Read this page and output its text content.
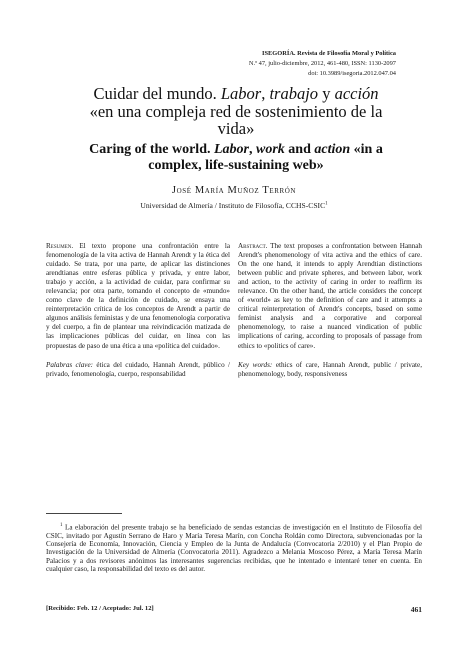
ISEGORÍA. Revista de Filosofía Moral y Política
N.º 47, julio-diciembre, 2012, 461-480, ISSN: 1130-2097
doi: 10.3989/isegoria.2012.047.04
Cuidar del mundo. Labor, trabajo y acción «en una compleja red de sostenimiento de la vida»
Caring of the world. Labor, work and action «in a complex, life-sustaining web»
José María Muñoz Terrón
Universidad de Almería / Instituto de Filosofía, CCHS-CSIC$^1$

Resumen. El texto propone una confrontación entre la fenomenología de la vita activa de Hannah Arendt y la ética del cuidado. Se trata, por una parte, de aplicar las distinciones arendtianas entre esferas pública y privada, y entre labor, trabajo y acción, a la actividad de cuidar, para confirmar su relevancia; por otra parte, tomando el concepto de «mundo» como clave de la definición de cuidado, se ensaya una reinterpretación crítica de los conceptos de Arendt a partir de algunos análisis feministas y de una fenomenología corporativa y del cuerpo, a fin de plantear una reivindicación matizada de las implicaciones públicas del cuidar, en línea con las propuestas de paso de una ética a una «política del cuidado».

Palabras clave: ética del cuidado, Hannah Arendt, público / privado, fenomenología, cuerpo, responsabilidad

Abstract. The text proposes a confrontation between Hannah Arendt's phenomenology of vita activa and the ethics of care. On the one hand, it intends to apply Arendtian distinctions between public and private spheres, and between labor, work and action, to the activity of caring in order to reaffirm its relevance. On the other hand, the article considers the concept of «world» as key to the definition of care and it attempts a critical reinterpretation of Arendt's concepts, based on some feminist analysis and a corporative and corporeal phenomenology, to raise a nuanced vindication of public implications of caring, according to proposals of passage from ethics to «politics of care».

Key words: ethics of care, Hannah Arendt, public / private, phenomenology, body, responsiveness

$^1$ La elaboración del presente trabajo se ha beneficiado de sendas estancias de investigación en el Instituto de Filosofía del CSIC, invitado por Agustín Serrano de Haro y María Teresa Marín, con Concha Roldán como Directora, subvencionadas por la Consejería de Economía, Innovación, Ciencia y Empleo de la Junta de Andalucía (Convocatoria 2/2010) y el Plan Propio de Investigación de la Universidad de Almería (Convocatoria 2011). Agradezco a Melania Moscoso Pérez, a María Teresa Marín Palacios y a dos revisores anónimos las interesantes sugerencias recibidas, que he intentado e intentaré tener en cuenta. En cualquier caso, la responsabilidad del texto es del autor.

[Recibido: Feb. 12 / Aceptado: Jul. 12]	461
